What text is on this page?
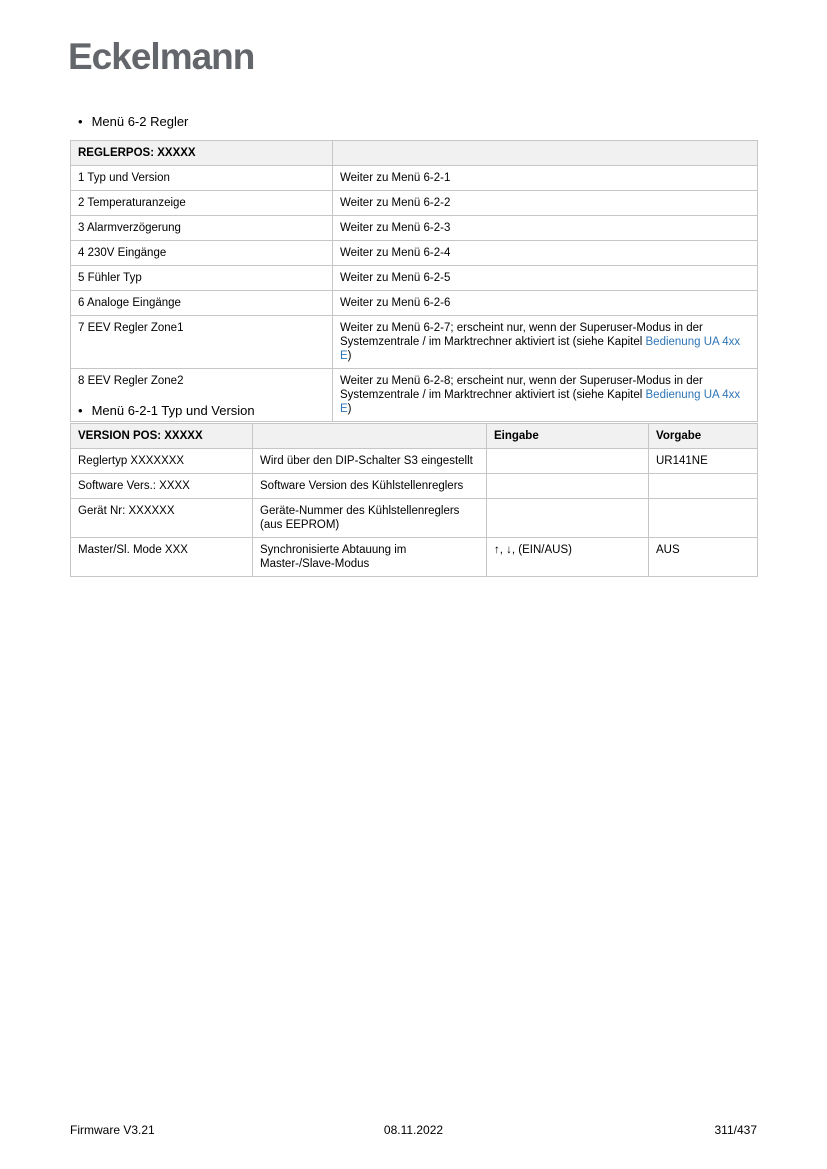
Eckelmann
• Menü 6-2 Regler
REGLERPOS: XXXXX	
1 Typ und Version	Weiter zu Menü 6-2-1
2 Temperaturanzeige	Weiter zu Menü 6-2-2
3 Alarmverzögerung	Weiter zu Menü 6-2-3
4 230V Eingänge	Weiter zu Menü 6-2-4
5 Fühler Typ	Weiter zu Menü 6-2-5
6 Analoge Eingänge	Weiter zu Menü 6-2-6
7 EEV Regler Zone1	Weiter zu Menü 6-2-7; erscheint nur, wenn der Superuser-Modus in der Systemzentrale / im Marktrechner aktiviert ist (siehe Kapitel Bedienung UA 4xx E)
8 EEV Regler Zone2	Weiter zu Menü 6-2-8; erscheint nur, wenn der Superuser-Modus in der Systemzentrale / im Marktrechner aktiviert ist (siehe Kapitel Bedienung UA 4xx E)
• Menü 6-2-1 Typ und Version
VERSION POS: XXXXX		Eingabe	Vorgabe
Reglertyp XXXXXXX	Wird über den DIP-Schalter S3 eingestellt		UR141NE
Software Vers.: XXXX	Software Version des Kühlstellenreglers		
Gerät Nr: XXXXXX	Geräte-Nummer des Kühlstellenreglers (aus EEPROM)		
Master/Sl. Mode XXX	Synchronisierte Abtauung im Master-/Slave-Modus	↑, ↓, (EIN/AUS)	AUS
Firmware V3.21	08.11.2022	311/437
